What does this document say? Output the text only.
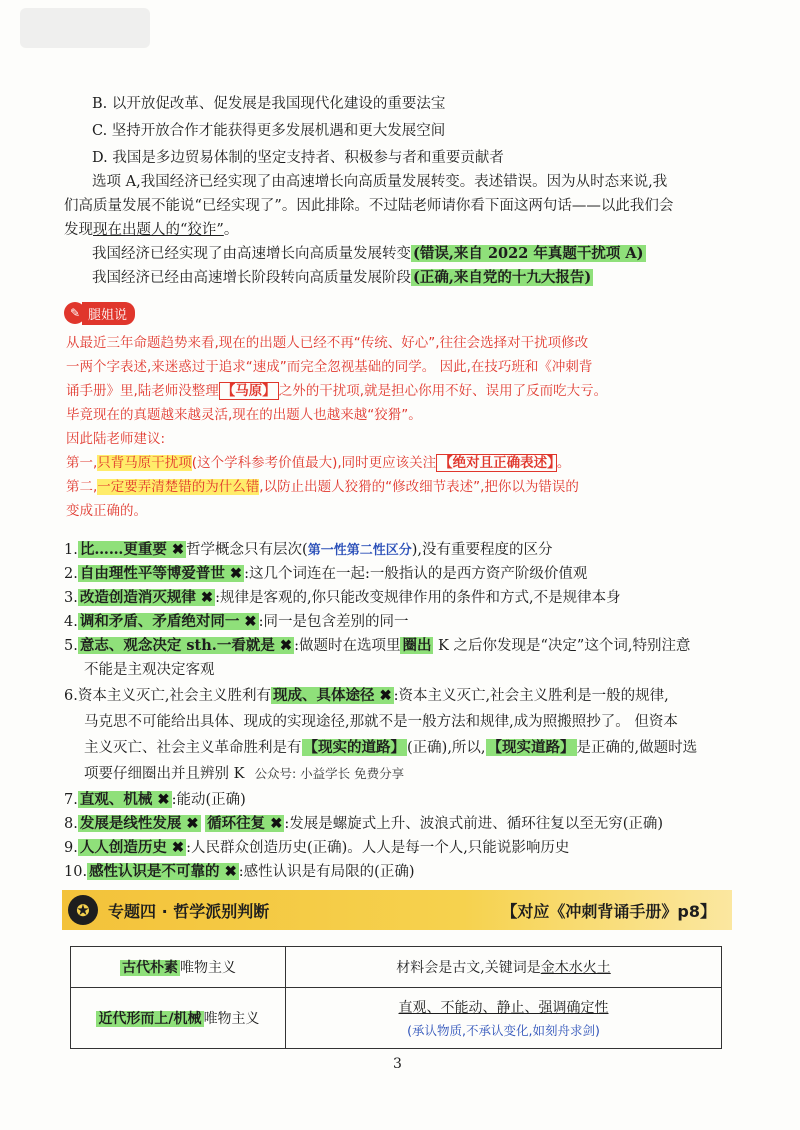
B. 以开放促改革、促发展是我国现代化建设的重要法宝
C. 坚持开放合作才能获得更多发展机遇和更大发展空间
D. 我国是多边贸易体制的坚定支持者、积极参与者和重要贡献者
选项 A,我国经济已经实现了由高速增长向高质量发展转变。表述错误。因为从时态来说,我
们高质量发展不能说“已经实现了”。因此排除。不过陆老师请你看下面这两句话——以此我们会
发现现在出题人的“狡诈”。
我国经济已经实现了由高速增长向高质量发展转变 (错误,来自 2022 年真题干扰项 A)
我国经济已经由高速增长阶段转向高质量发展阶段 (正确,来自党的十九大报告)
✎ 腿姐说
从最近三年命题趋势来看,现在的出题人已经不再“传统、好心”,往往会选择对干扰项修改
一两个字表述,来迷惑过于追求“速成”而完全忽视基础的同学。 因此,在技巧班和《冲刺背
诵手册》里,陆老师没整理 【马原】 之外的干扰项,就是担心你用不好、误用了反而吃大亏。
毕竟现在的真题越来越灵活,现在的出题人也越来越“狡猾”。
因此陆老师建议:
第一,只背马原干扰项(这个学科参考价值最大),同时更应该关注 【绝对且正确表述】 。
第二,一定要弄清楚错的为什么错,以防止出题人狡猾的“修改细节表述”,把你以为错误的
变成正确的。
1. 比……更重要 ✖ 哲学概念只有层次(第一性第二性区分),没有重要程度的区分
2. 自由理性平等博爱普世 ✖ :这几个词连在一起:一般指认的是西方资产阶级价值观
3. 改造创造消灭规律 ✖ :规律是客观的,你只能改变规律作用的条件和方式,不是规律本身
4. 调和矛盾、矛盾绝对同一 ✖ :同一是包含差别的同一
5. 意志、观念决定 sth.一看就是 ✖ :做题时在选项里 圈出 K 之后你发现是“决定”这个词,特别注意
不能是主观决定客观
6.资本主义灭亡,社会主义胜利有 现成、具体途径 ✖ :资本主义灭亡,社会主义胜利是一般的规律,
马克思不可能给出具体、现成的实现途径,那就不是一般方法和规律,成为照搬照抄了。 但资本
主义灭亡、社会主义革命胜利是有 【现实的道路】 (正确),所以, 【现实道路】 是正确的,做题时选
项要仔细圈出并且辨别 K 公众号: 小益学长 免费分享
7. 直观、机械 ✖ :能动(正确)
8. 发展是线性发展 ✖ 循环往复 ✖ :发展是螺旋式上升、波浪式前进、循环往复以至无穷(正确)
9. 人人创造历史 ✖ :人民群众创造历史(正确)。人人是每一个人,只能说影响历史
10. 感性认识是不可靠的 ✖ :感性认识是有局限的(正确)
✪	专题四 · 哲学派别判断	【对应《冲刺背诵手册》p8】
古代朴素 唯物主义	材料会是古文,关键词是金木水火土
近代形而上/机械 唯物主义	直观、不能动、静止、强调确定性
(承认物质,不承认变化,如刻舟求剑)
3
